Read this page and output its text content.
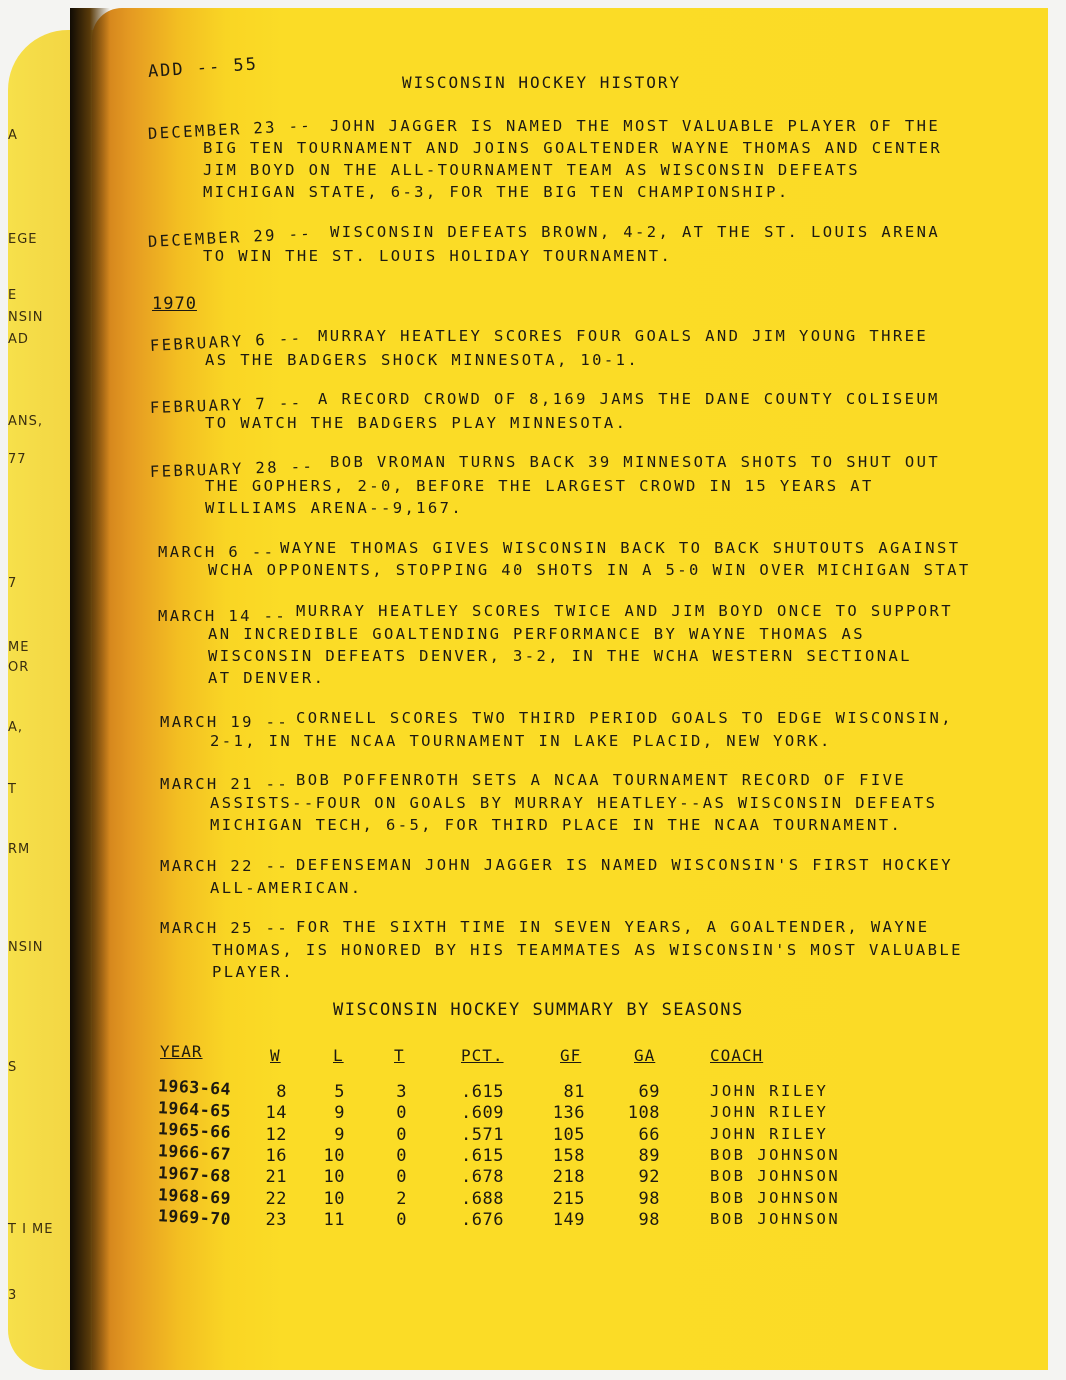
A
EGE
E
NSIN
AD
ANS,
77
7
ME
OR
A,
T
RM
NSIN
S
T I ME
3
ADD -- 55
WISCONSIN HOCKEY HISTORY
DECEMBER 23 -- JOHN JAGGER IS NAMED THE MOST VALUABLE PLAYER OF THE
BIG TEN TOURNAMENT AND JOINS GOALTENDER WAYNE THOMAS AND CENTER
JIM BOYD ON THE ALL-TOURNAMENT TEAM AS WISCONSIN DEFEATS
MICHIGAN STATE, 6-3, FOR THE BIG TEN CHAMPIONSHIP.
DECEMBER 29 -- WISCONSIN DEFEATS BROWN, 4-2, AT THE ST. LOUIS ARENA
TO WIN THE ST. LOUIS HOLIDAY TOURNAMENT.
1970
FEBRUARY 6 -- MURRAY HEATLEY SCORES FOUR GOALS AND JIM YOUNG THREE
AS THE BADGERS SHOCK MINNESOTA, 10-1.
FEBRUARY 7 -- A RECORD CROWD OF 8,169 JAMS THE DANE COUNTY COLISEUM
TO WATCH THE BADGERS PLAY MINNESOTA.
FEBRUARY 28 -- BOB VROMAN TURNS BACK 39 MINNESOTA SHOTS TO SHUT OUT
THE GOPHERS, 2-0, BEFORE THE LARGEST CROWD IN 15 YEARS AT
WILLIAMS ARENA--9,167.
MARCH 6 -- WAYNE THOMAS GIVES WISCONSIN BACK TO BACK SHUTOUTS AGAINST
WCHA OPPONENTS, STOPPING 40 SHOTS IN A 5-0 WIN OVER MICHIGAN STAT
MARCH 14 -- MURRAY HEATLEY SCORES TWICE AND JIM BOYD ONCE TO SUPPORT
AN INCREDIBLE GOALTENDING PERFORMANCE BY WAYNE THOMAS AS
WISCONSIN DEFEATS DENVER, 3-2, IN THE WCHA WESTERN SECTIONAL
AT DENVER.
MARCH 19 -- CORNELL SCORES TWO THIRD PERIOD GOALS TO EDGE WISCONSIN,
2-1, IN THE NCAA TOURNAMENT IN LAKE PLACID, NEW YORK.
MARCH 21 -- BOB POFFENROTH SETS A NCAA TOURNAMENT RECORD OF FIVE
ASSISTS--FOUR ON GOALS BY MURRAY HEATLEY--AS WISCONSIN DEFEATS
MICHIGAN TECH, 6-5, FOR THIRD PLACE IN THE NCAA TOURNAMENT.
MARCH 22 -- DEFENSEMAN JOHN JAGGER IS NAMED WISCONSIN'S FIRST HOCKEY
ALL-AMERICAN.
MARCH 25 -- FOR THE SIXTH TIME IN SEVEN YEARS, A GOALTENDER, WAYNE
THOMAS, IS HONORED BY HIS TEAMMATES AS WISCONSIN'S MOST VALUABLE
PLAYER.
WISCONSIN HOCKEY SUMMARY BY SEASONS
YEAR	W	L	T	PCT.	GF	GA	COACH
1963-64	8	5	3	.615	81	69	JOHN RILEY
1964-65	14	9	0	.609	136	108	JOHN RILEY
1965-66	12	9	0	.571	105	66	JOHN RILEY
1966-67	16	10	0	.615	158	89	BOB JOHNSON
1967-68	21	10	0	.678	218	92	BOB JOHNSON
1968-69	22	10	2	.688	215	98	BOB JOHNSON
1969-70	23	11	0	.676	149	98	BOB JOHNSON
